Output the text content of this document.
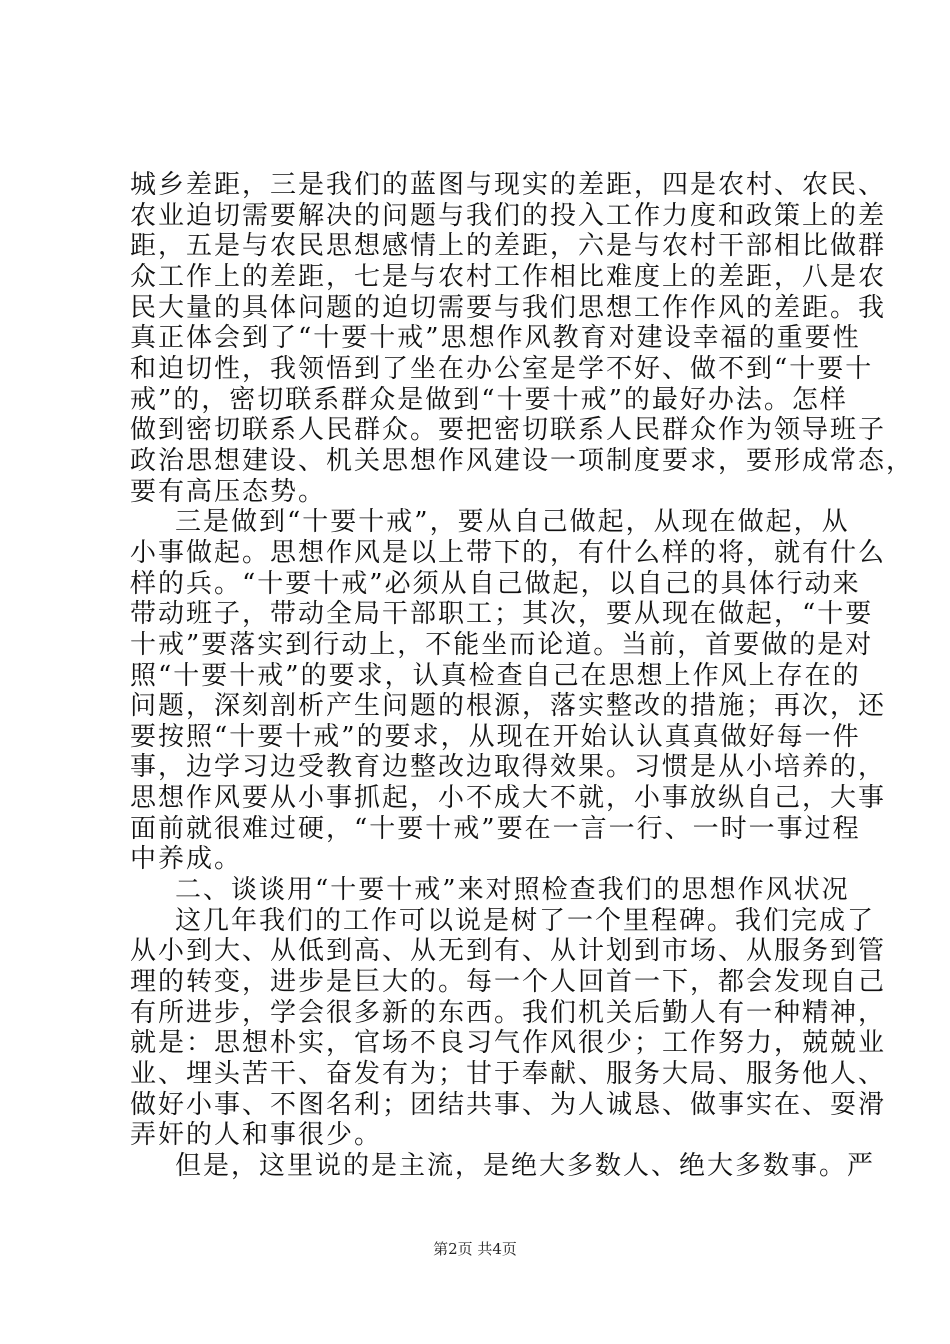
城乡差距，三是我们的蓝图与现实的差距，四是农村、农民、
农业迫切需要解决的问题与我们的投入工作力度和政策上的差
距，五是与农民思想感情上的差距，六是与农村干部相比做群
众工作上的差距，七是与农村工作相比难度上的差距，八是农
民大量的具体问题的迫切需要与我们思想工作作风的差距。我
真正体会到了“十要十戒”思想作风教育对建设幸福的重要性
和迫切性，我领悟到了坐在办公室是学不好、做不到“十要十
戒”的，密切联系群众是做到“十要十戒”的最好办法。怎样
做到密切联系人民群众。要把密切联系人民群众作为领导班子
政治思想建设、机关思想作风建设一项制度要求，要形成常态，
要有高压态势。
三是做到“十要十戒”，要从自己做起，从现在做起，从
小事做起。思想作风是以上带下的，有什么样的将，就有什么
样的兵。“十要十戒”必须从自己做起，以自己的具体行动来
带动班子，带动全局干部职工；其次，要从现在做起，“十要
十戒”要落实到行动上，不能坐而论道。当前，首要做的是对
照“十要十戒”的要求，认真检查自己在思想上作风上存在的
问题，深刻剖析产生问题的根源，落实整改的措施；再次，还
要按照“十要十戒”的要求，从现在开始认认真真做好每一件
事，边学习边受教育边整改边取得效果。习惯是从小培养的，
思想作风要从小事抓起，小不成大不就，小事放纵自己，大事
面前就很难过硬，“十要十戒”要在一言一行、一时一事过程
中养成。
二、谈谈用“十要十戒”来对照检查我们的思想作风状况
这几年我们的工作可以说是树了一个里程碑。我们完成了
从小到大、从低到高、从无到有、从计划到市场、从服务到管
理的转变，进步是巨大的。每一个人回首一下，都会发现自己
有所进步，学会很多新的东西。我们机关后勤人有一种精神，
就是：思想朴实，官场不良习气作风很少；工作努力，兢兢业
业、埋头苦干、奋发有为；甘于奉献、服务大局、服务他人、
做好小事、不图名利；团结共事、为人诚恳、做事实在、耍滑
弄奸的人和事很少。
但是，这里说的是主流，是绝大多数人、绝大多数事。严
第2页 共4页
